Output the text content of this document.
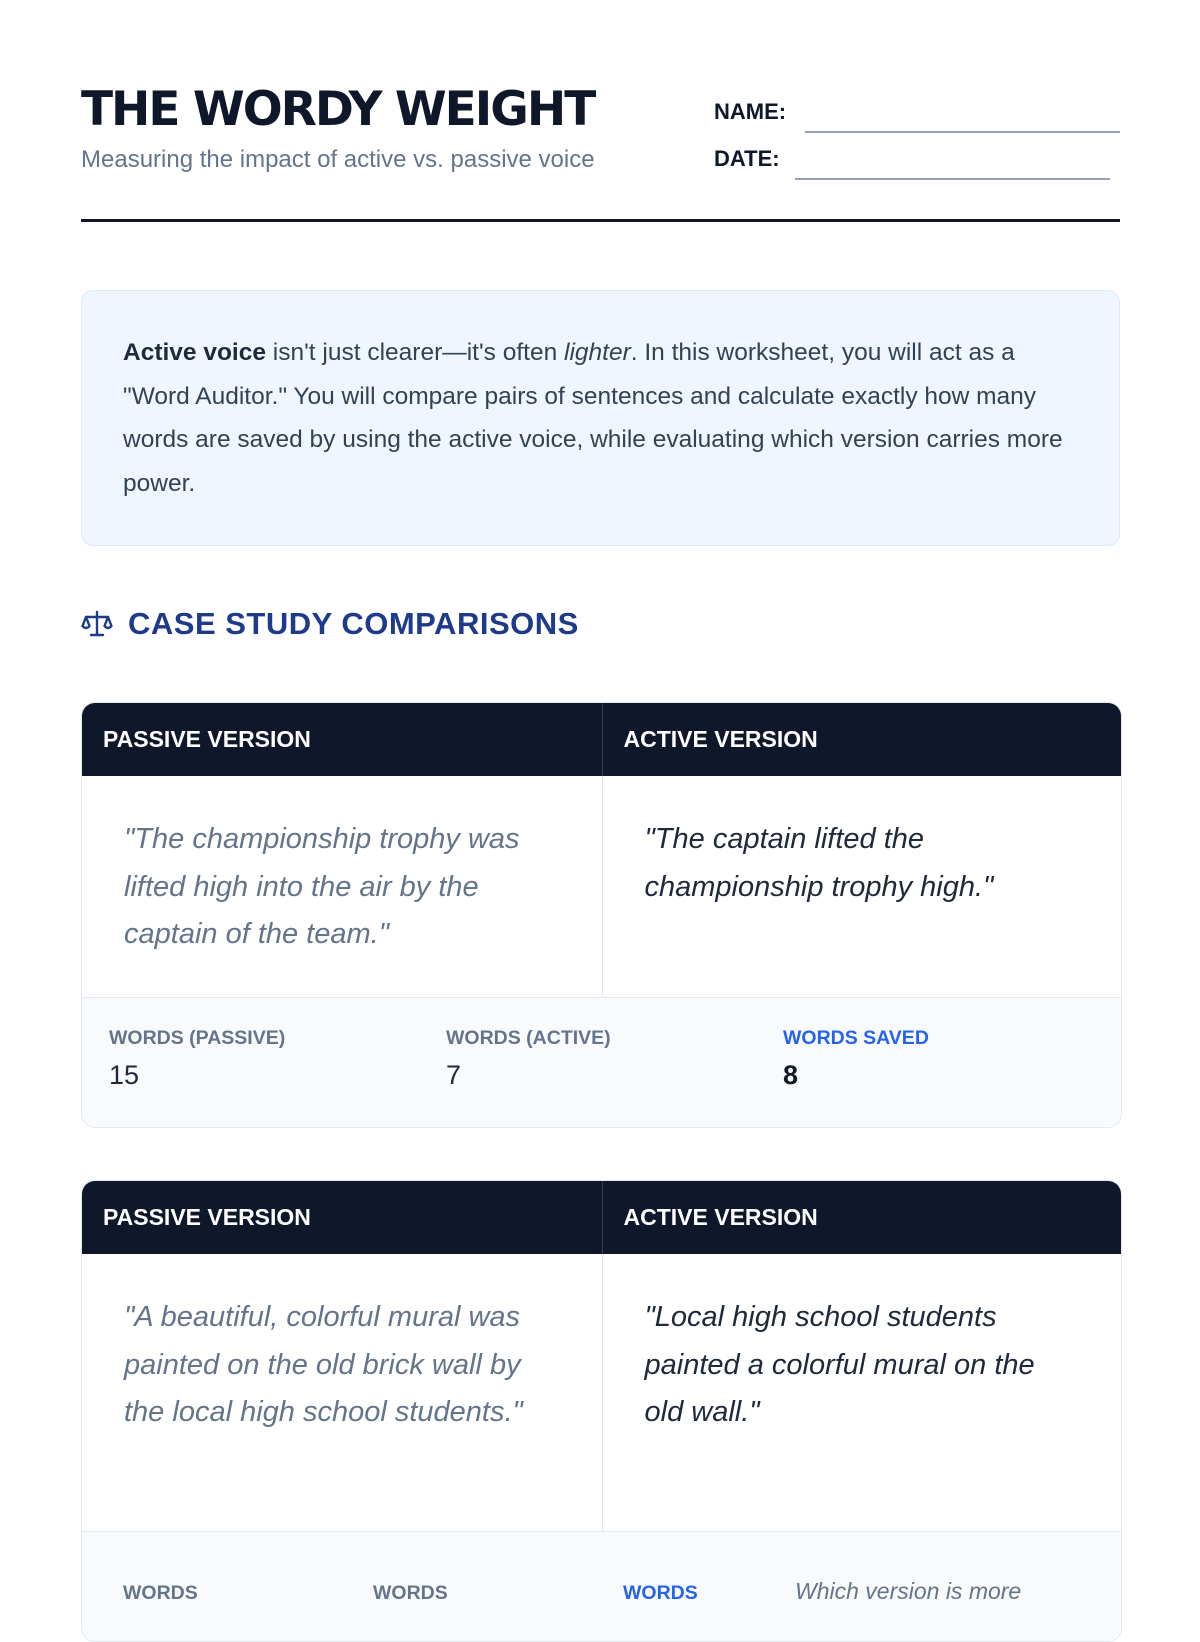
THE WORDY WEIGHT

Measuring the impact of active vs. passive voice

NAME:
DATE:
Active voice isn't just clearer—it's often lighter. In this worksheet, you will act as a "Word Auditor." You will compare pairs of sentences and calculate exactly how many words are saved by using the active voice, while evaluating which version carries more power.
CASE STUDY COMPARISONS
PASSIVE VERSION	ACTIVE VERSION
"The championship trophy was lifted high into the air by the captain of the team."
"The captain lifted the championship trophy high."
WORDS (PASSIVE)
15
WORDS (ACTIVE)
7
WORDS SAVED
8
PASSIVE VERSION	ACTIVE VERSION
"A beautiful, colorful mural was painted on the old brick wall by the local high school students."
"Local high school students painted a colorful mural on the old wall."
WORDS	WORDS	WORDS	Which version is more
